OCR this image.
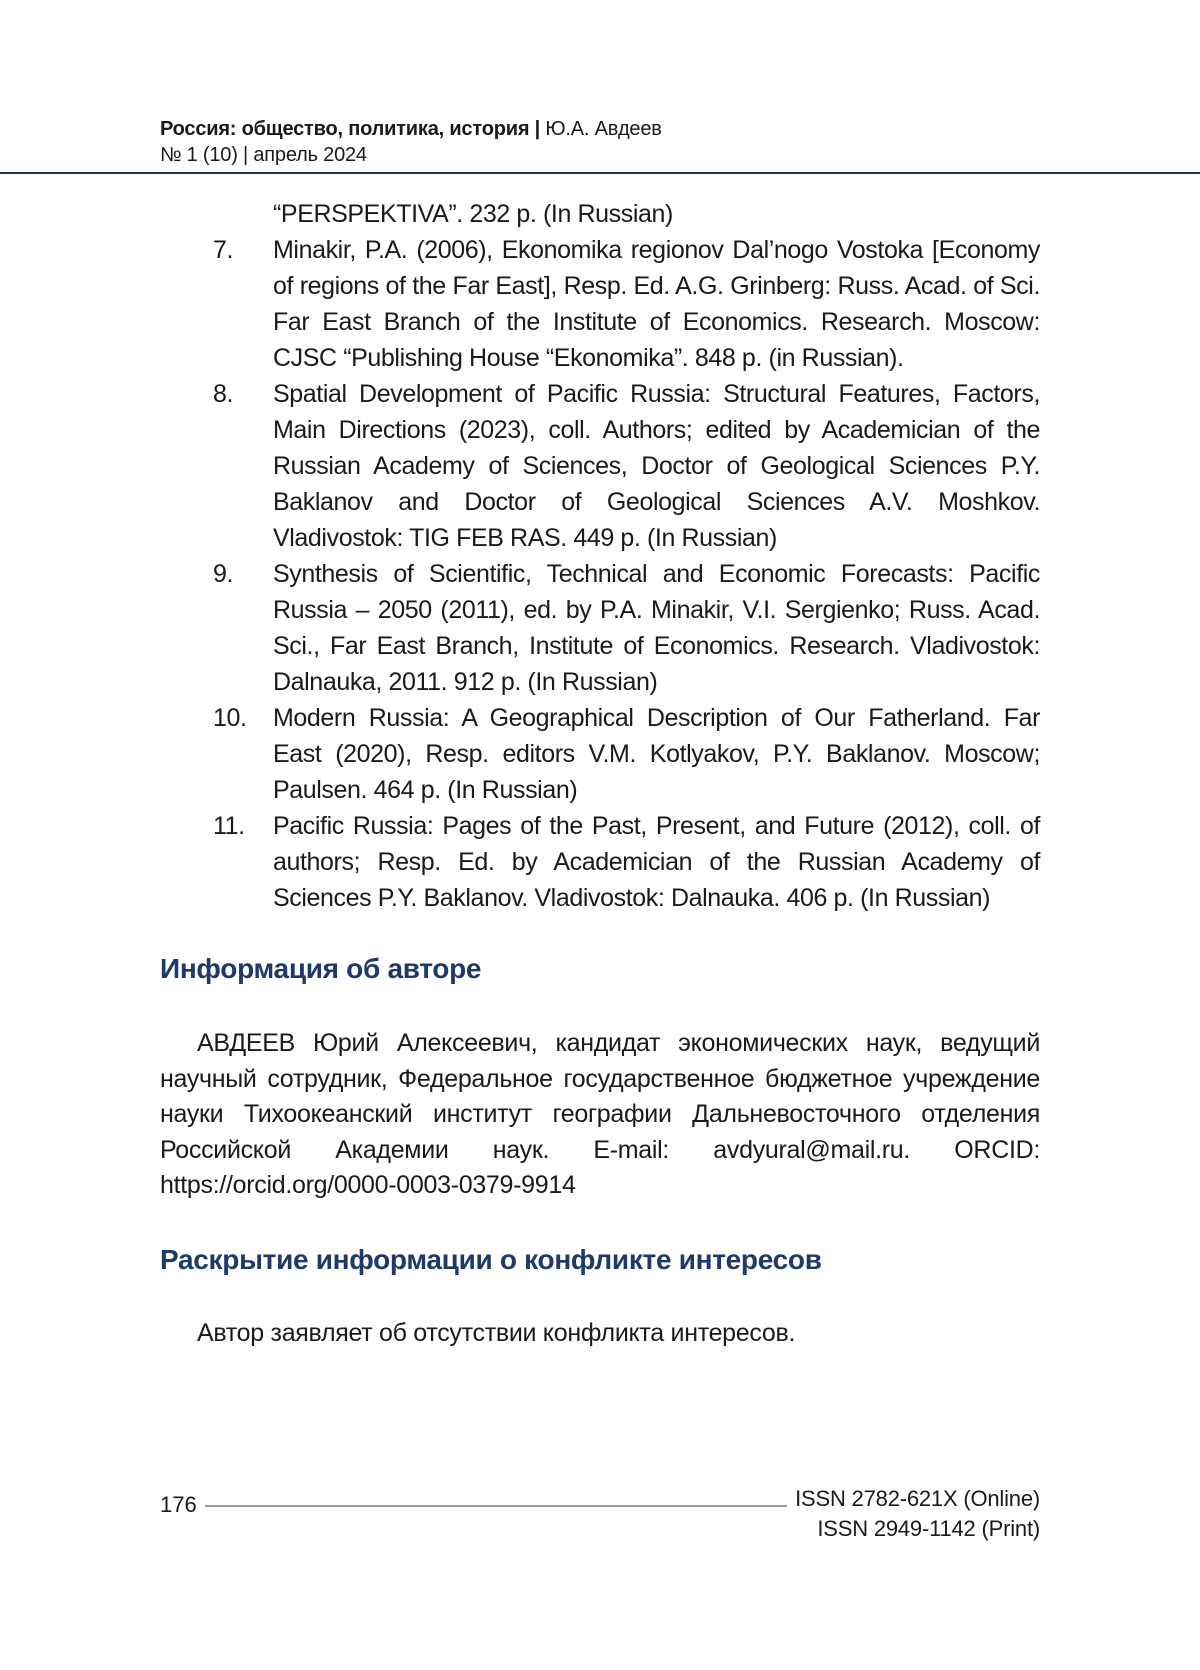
Россия: общество, политика, история | Ю.А. Авдеев
№ 1 (10) | апрель 2024
“PERSPEKTIVA”. 232 p. (In Russian)
7. Minakir, P.A. (2006), Ekonomika regionov Dal’nogo Vostoka [Economy of regions of the Far East], Resp. Ed. A.G. Grinberg: Russ. Acad. of Sci. Far East Branch of the Institute of Economics. Research. Moscow: CJSC “Publishing House “Ekonomika”. 848 p. (in Russian).
8. Spatial Development of Pacific Russia: Structural Features, Factors, Main Directions (2023), coll. Authors; edited by Academician of the Russian Academy of Sciences, Doctor of Geological Sciences P.Y. Baklanov and Doctor of Geological Sciences A.V. Moshkov. Vladivostok: TIG FEB RAS. 449 p. (In Russian)
9. Synthesis of Scientific, Technical and Economic Forecasts: Pacific Russia – 2050 (2011), ed. by P.A. Minakir, V.I. Sergienko; Russ. Acad. Sci., Far East Branch, Institute of Economics. Research. Vladivostok: Dalnauka, 2011. 912 p. (In Russian)
10. Modern Russia: A Geographical Description of Our Fatherland. Far East (2020), Resp. editors V.M. Kotlyakov, P.Y. Baklanov. Moscow; Paulsen. 464 p. (In Russian)
11. Pacific Russia: Pages of the Past, Present, and Future (2012), coll. of authors; Resp. Ed. by Academician of the Russian Academy of Sciences P.Y. Baklanov. Vladivostok: Dalnauka. 406 p. (In Russian)
Информация об авторе
АВДЕЕВ Юрий Алексеевич, кандидат экономических наук, ведущий научный сотрудник, Федеральное государственное бюджетное учреждение науки Тихоокеанский институт географии Дальневосточного отделения Российской Академии наук. E-mail: avdyural@mail.ru. ORCID: https://orcid.org/0000-0003-0379-9914
Раскрытие информации о конфликте интересов
Автор заявляет об отсутствии конфликта интересов.
176	ISSN 2782-621X (Online)
ISSN 2949-1142 (Print)
